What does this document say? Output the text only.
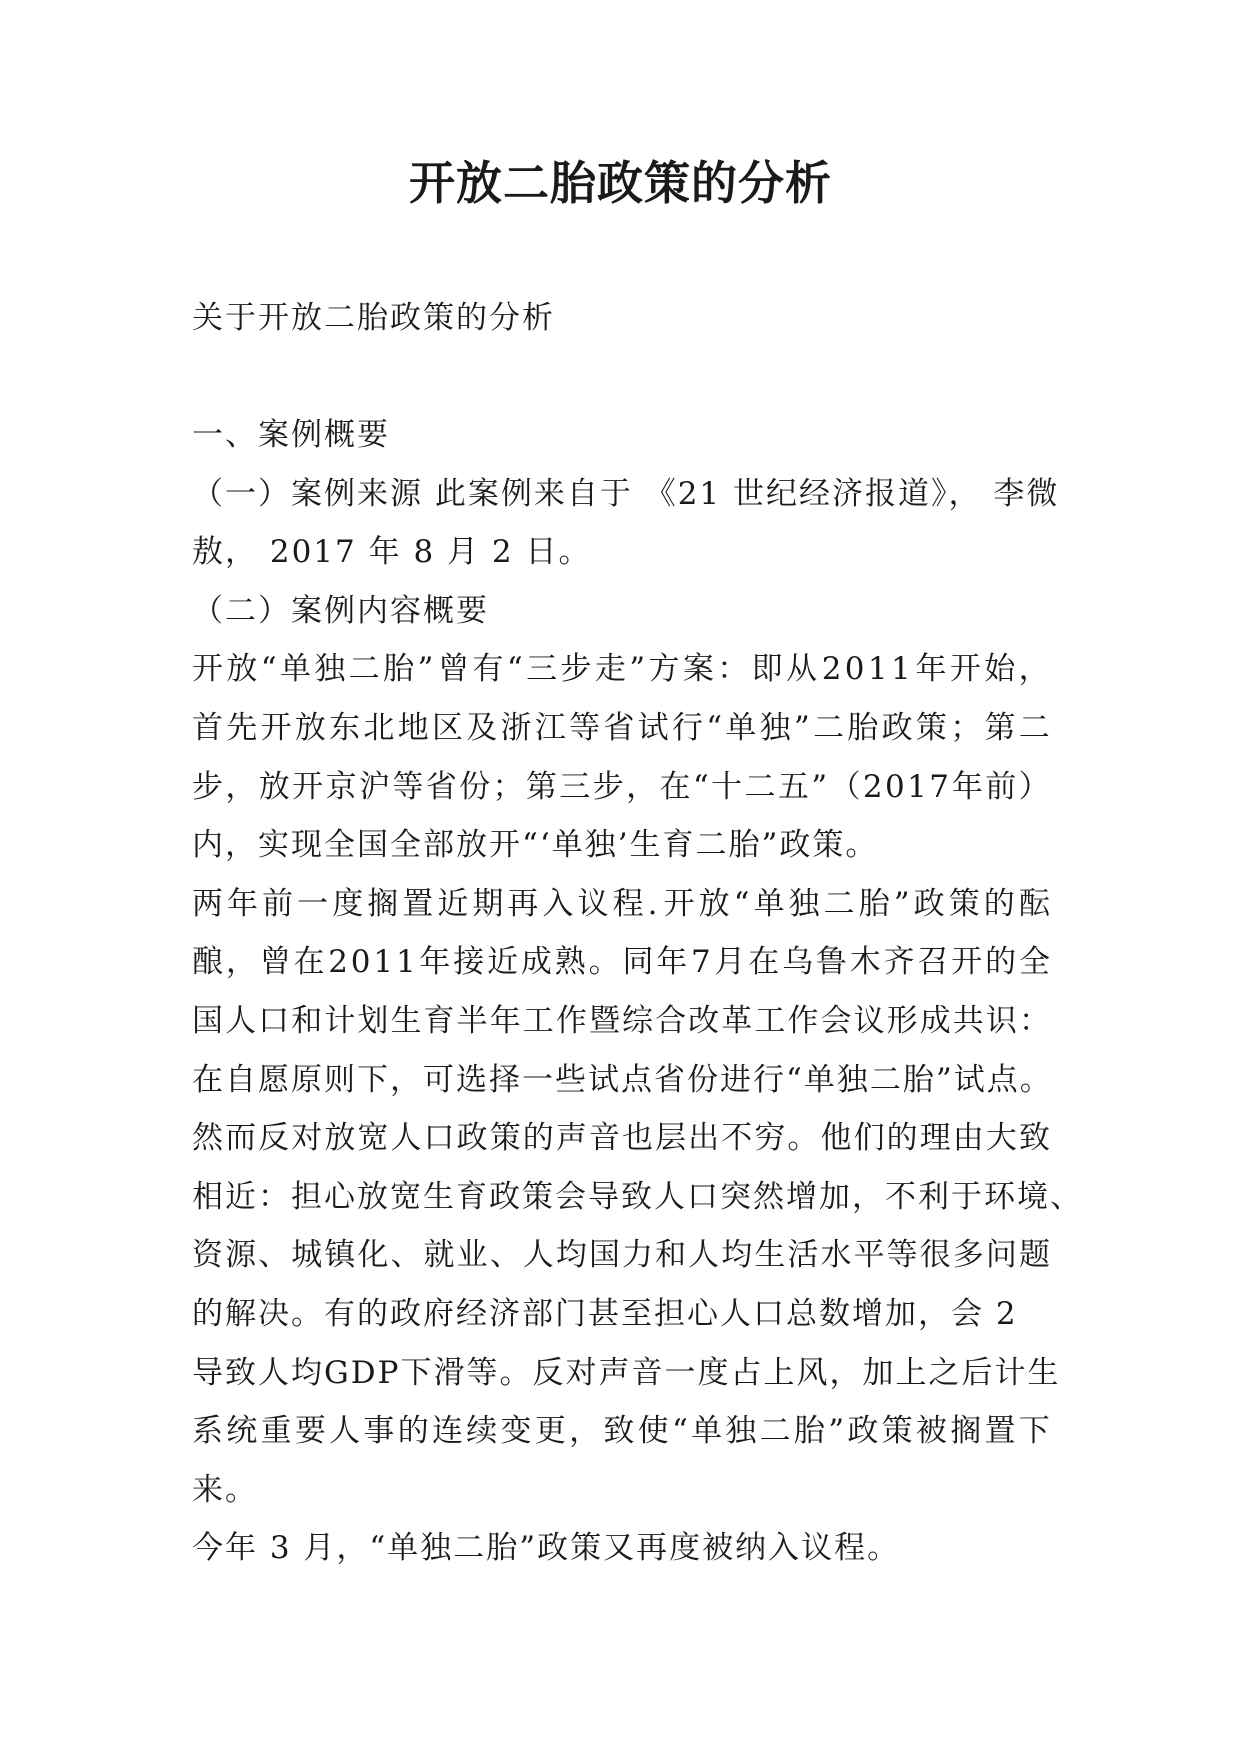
开放二胎政策的分析
关于开放二胎政策的分析
一、案例概要
（一）案例来源 此案例来自于 《21 世纪经济报道》， 李微
敖， 2017 年 8 月 2 日。
（二）案例内容概要
开 放 “ 单 独 二 胎 ” 曾 有 “ 三 步 走 ” 方 案 ： 即 从 2 0 1 1 年 开 始 ，
首 先 开 放 东 北 地 区 及 浙 江 等 省 试 行 “ 单 独 ” 二 胎 政 策 ； 第 二
步 ， 放 开 京 沪 等 省 份 ； 第 三 步 ， 在 “ 十 二 五 ” （ 2 0 1 7 年 前 ）
内，实现全国全部放开“‘单独’生育二胎”政策。
两 年 前 一 度 搁 置 近 期 再 入 议 程 . 开 放 “ 单 独 二 胎 ” 政 策 的 酝
酿 ， 曾 在 2 0 1 1 年 接 近 成 熟 。 同 年 7 月 在 乌 鲁 木 齐 召 开 的 全
国 人 口 和 计 划 生 育 半 年 工 作 暨 综 合 改 革 工 作 会 议 形 成 共 识 ：
在 自 愿 原 则 下 ， 可 选 择 一 些 试 点 省 份 进 行 “ 单 独 二 胎 ” 试 点 。
然 而 反 对 放 宽 人 口 政 策 的 声 音 也 层 出 不 穷 。 他 们 的 理 由 大 致
相 近 ： 担 心 放 宽 生 育 政 策 会 导 致 人 口 突 然 增 加 ， 不 利 于 环 境 、
资 源 、 城 镇 化 、 就 业 、 人 均 国 力 和 人 均 生 活 水 平 等 很 多 问 题
的解决。有的政府经济部门甚至担心人口总数增加，会 2
导 致 人 均 G D P 下 滑 等 。 反 对 声 音 一 度 占 上 风 ， 加 上 之 后 计 生
系 统 重 要 人 事 的 连 续 变 更 ， 致 使 “ 单 独 二 胎 ” 政 策 被 搁 置 下
来。
今年 3 月，“单独二胎”政策又再度被纳入议程。
